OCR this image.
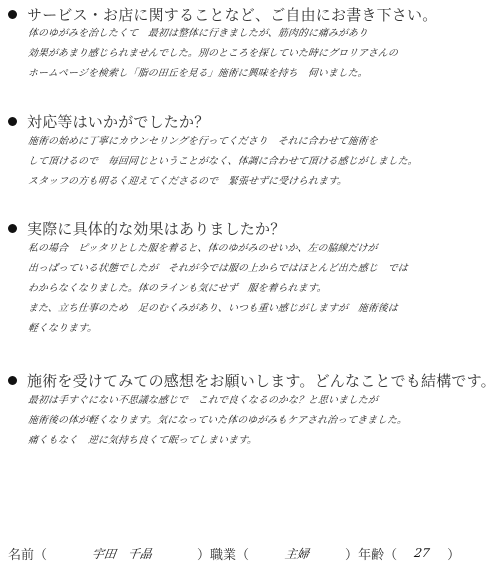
サービス・お店に関することなど、ご自由にお書き下さい。
体のゆがみを治したくて　最初は整体に行きましたが、筋肉的に痛みがあり
効果があまり感じられませんでした。別のところを探していた時にグロリアさんの
ホームページを検索し「脂の田丘を見る」施術に興味を持ち　伺いました。
対応等はいかがでしたか？
施術の始めに丁寧にカウンセリングを行ってくださり　それに合わせて施術を
して頂けるので　毎回同じということがなく、体調に合わせて頂ける感じがしました。
スタッフの方も明るく迎えてくださるので　緊張せずに受けられます。
実際に具体的な効果はありましたか？
私の場合　ピッタリとした服を着ると、体のゆがみのせいか、左の脇線だけが
出っぱっている状態でしたが　それが今では服の上からではほとんど出た感じ　では
わからなくなりました。体のラインも気にせず　服を着られます。
また、立ち仕事のため　足のむくみがあり、いつも重い感じがしますが　施術後は
軽くなります。
施術を受けてみての感想をお願いします。どんなことでも結構です。
最初は手すぐにない不思議な感じで　これで良くなるのかな？と思いましたが
施術後の体が軽くなります。気になっていた体のゆがみもケアされ治ってきました。
痛くもなく　逆に気持ち良くて眠ってしまいます。
名前（	宇田　千晶	） 職業（	主婦	） 年齢（	27	）
